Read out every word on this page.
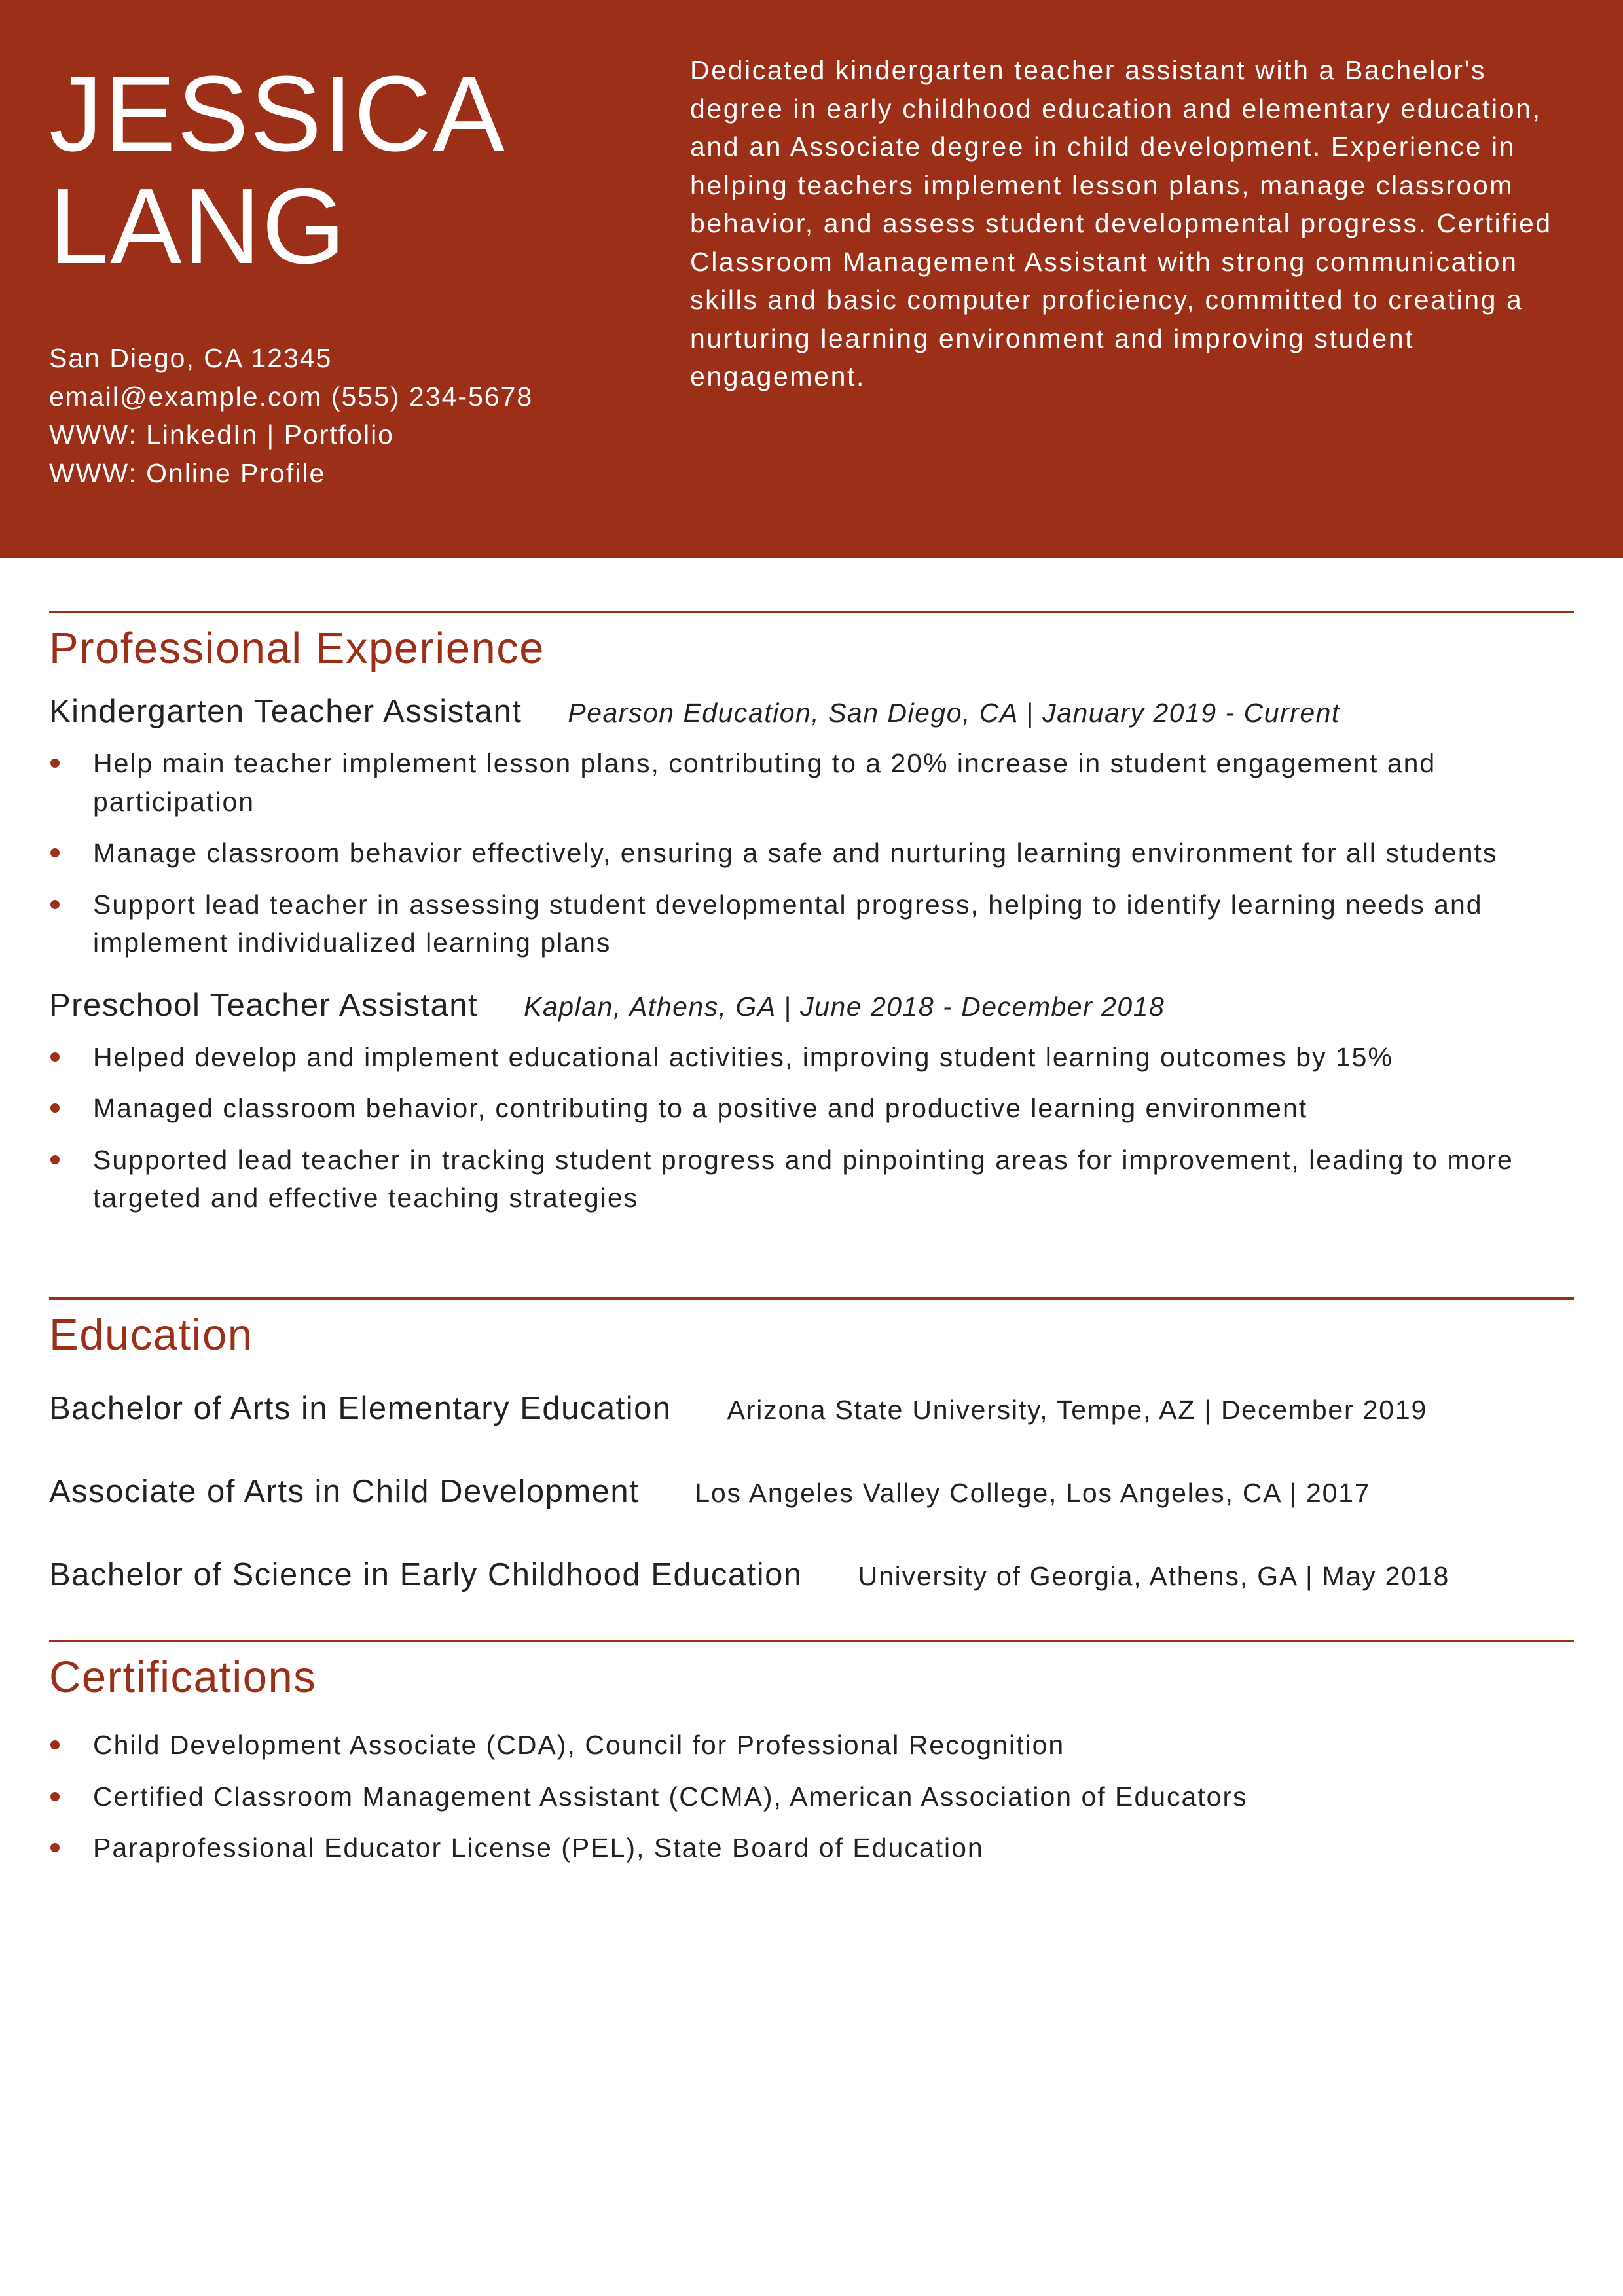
JESSICA
LANG
San Diego, CA 12345
email@example.com (555) 234-5678
WWW: LinkedIn | Portfolio
WWW: Online Profile

Dedicated kindergarten teacher assistant with a Bachelor's degree in early childhood education and elementary education, and an Associate degree in child development. Experience in helping teachers implement lesson plans, manage classroom behavior, and assess student developmental progress. Certified Classroom Management Assistant with strong communication skills and basic computer proficiency, committed to creating a nurturing learning environment and improving student engagement.

Professional Experience
Kindergarten Teacher Assistant Pearson Education, San Diego, CA | January 2019 - Current
Help main teacher implement lesson plans, contributing to a 20% increase in student engagement and participation
Manage classroom behavior effectively, ensuring a safe and nurturing learning environment for all students
Support lead teacher in assessing student developmental progress, helping to identify learning needs and implement individualized learning plans
Preschool Teacher Assistant Kaplan, Athens, GA | June 2018 - December 2018
Helped develop and implement educational activities, improving student learning outcomes by 15%
Managed classroom behavior, contributing to a positive and productive learning environment
Supported lead teacher in tracking student progress and pinpointing areas for improvement, leading to more targeted and effective teaching strategies
Education
Bachelor of Arts in Elementary Education Arizona State University, Tempe, AZ | December 2019
Associate of Arts in Child Development Los Angeles Valley College, Los Angeles, CA | 2017
Bachelor of Science in Early Childhood Education University of Georgia, Athens, GA | May 2018
Certifications
Child Development Associate (CDA), Council for Professional Recognition
Certified Classroom Management Assistant (CCMA), American Association of Educators
Paraprofessional Educator License (PEL), State Board of Education
